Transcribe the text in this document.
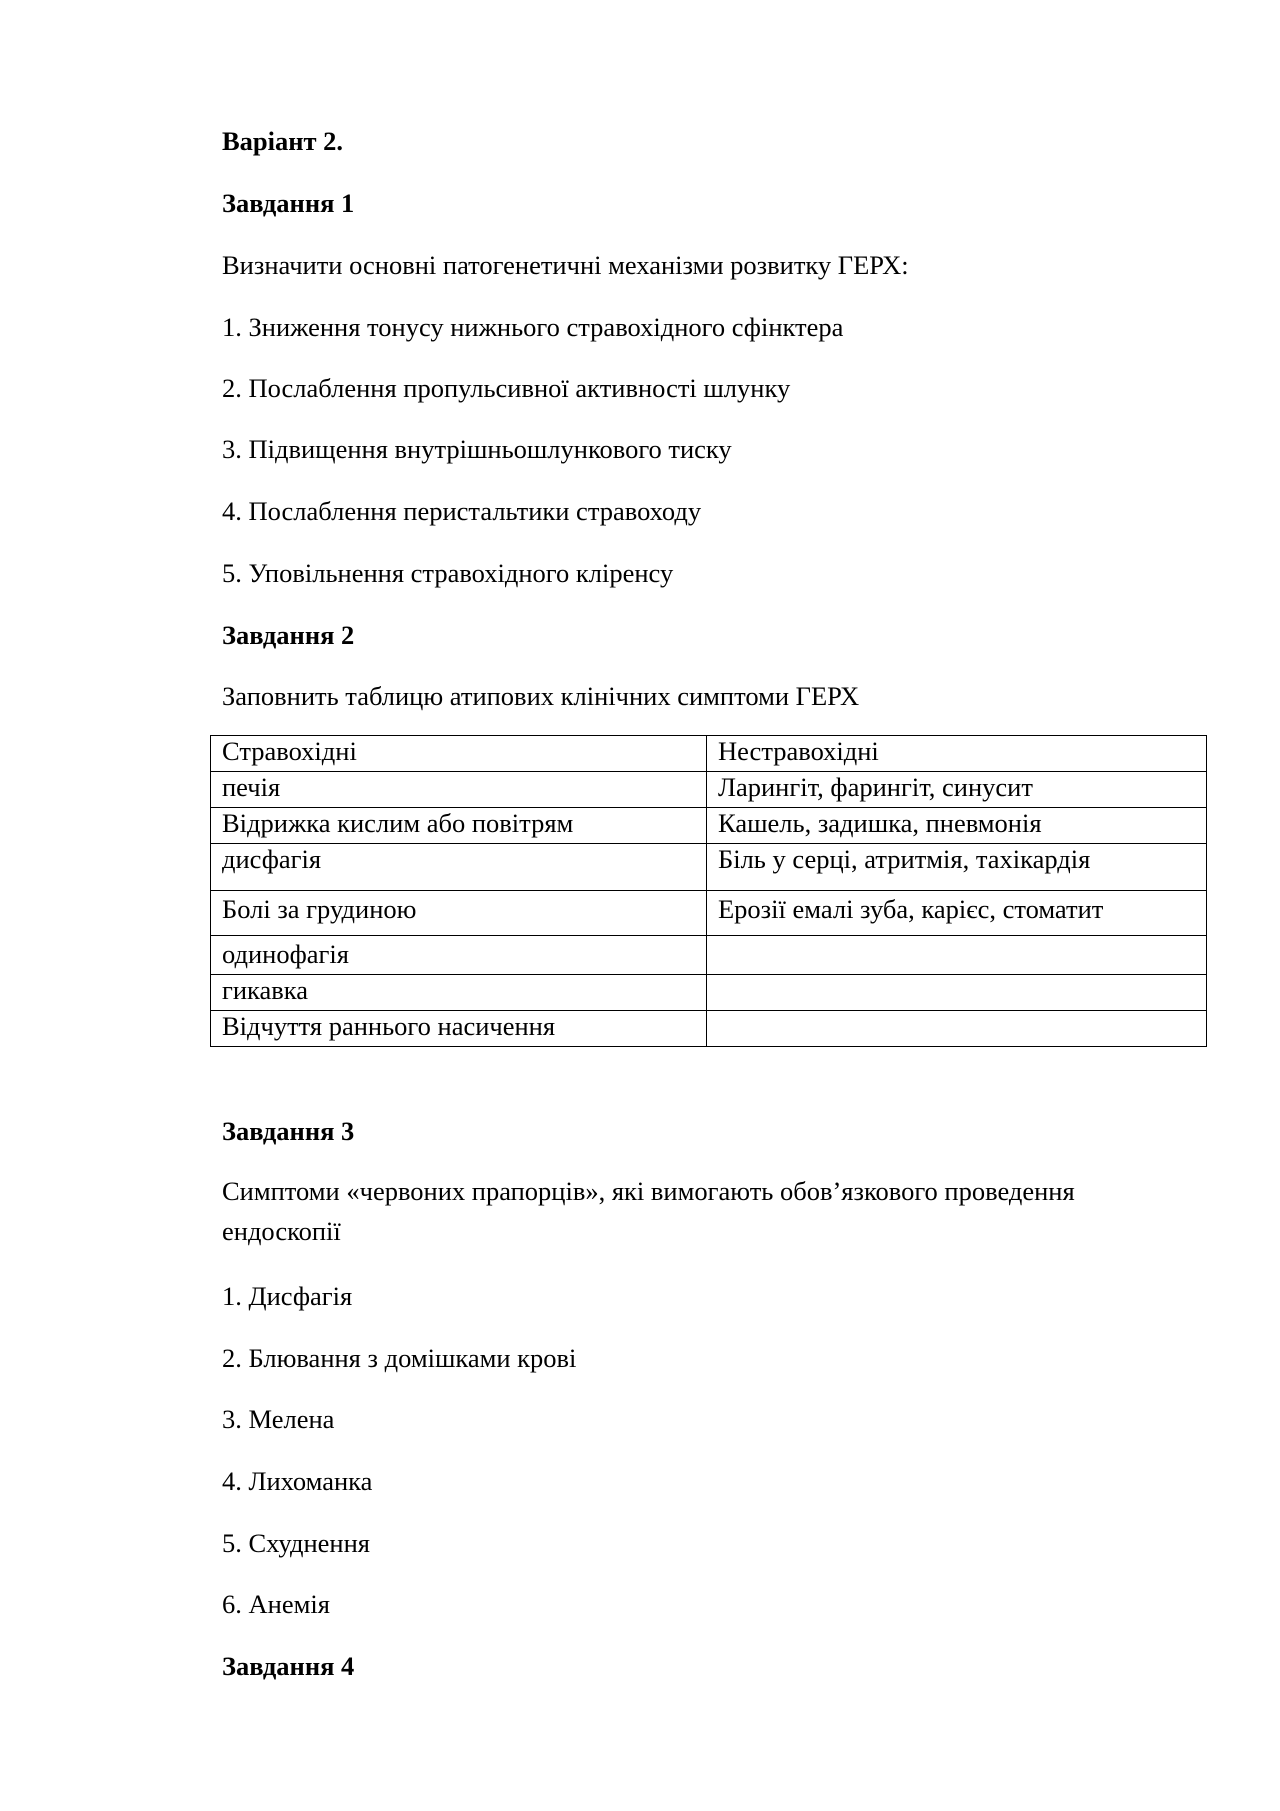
Варіант 2.
Завдання 1
Визначити основні патогенетичні механізми розвитку ГЕРХ:
1. Зниження тонусу нижнього стравохідного сфінктера
2. Послаблення пропульсивної активності шлунку
3. Підвищення внутрішньошлункового тиску
4. Послаблення перистальтики стравоходу
5. Уповільнення стравохідного кліренсу
Завдання 2
Заповнить таблицю атипових клінічних симптоми ГЕРХ
Стравохідні	Нестравохідні
печія	Ларингіт, фарингіт, синусит
Відрижка кислим або повітрям	Кашель, задишка, пневмонія
дисфагія	Біль у серці, атритмія, тахікардія
Болі за грудиною	Ерозії емалі зуба, карієс, стоматит
одинофагія	
гикавка	
Відчуття раннього насичення	
Завдання 3
Симптоми «червоних прапорців», які вимогають обов’язкового проведення ендоскопії
1. Дисфагія
2. Блювання з домішками крові
3. Мелена
4. Лихоманка
5. Схуднення
6. Анемія
Завдання 4
